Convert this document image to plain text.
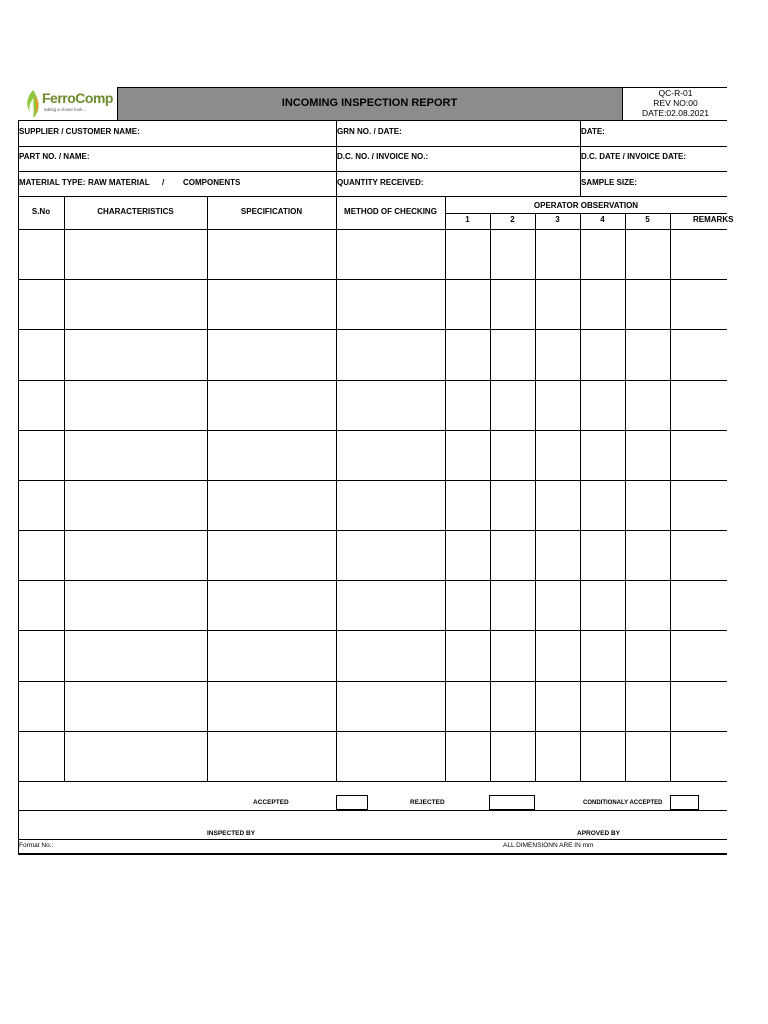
FerroComp
taking a closer look...
INCOMING INSPECTION REPORT
QC-R-01
REV NO:00
DATE:02.08.2021
SUPPLIER / CUSTOMER NAME:	GRN NO. / DATE:	DATE:
PART NO. / NAME:	D.C. NO. / INVOICE NO.:	D.C. DATE / INVOICE DATE:
MATERIAL TYPE: RAW MATERIAL / COMPONENTS	QUANTITY RECEIVED:	SAMPLE SIZE:
S.No	CHARACTERISTICS	SPECIFICATION	METHOD OF CHECKING
OPERATOR OBSERVATION
1	2	3	4	5	REMARKS
ACCEPTED	REJECTED	CONDITIONALY ACCEPTED
INSPECTED BY	APROVED BY
Format No.:	ALL DIMENSIONN ARE IN mm
